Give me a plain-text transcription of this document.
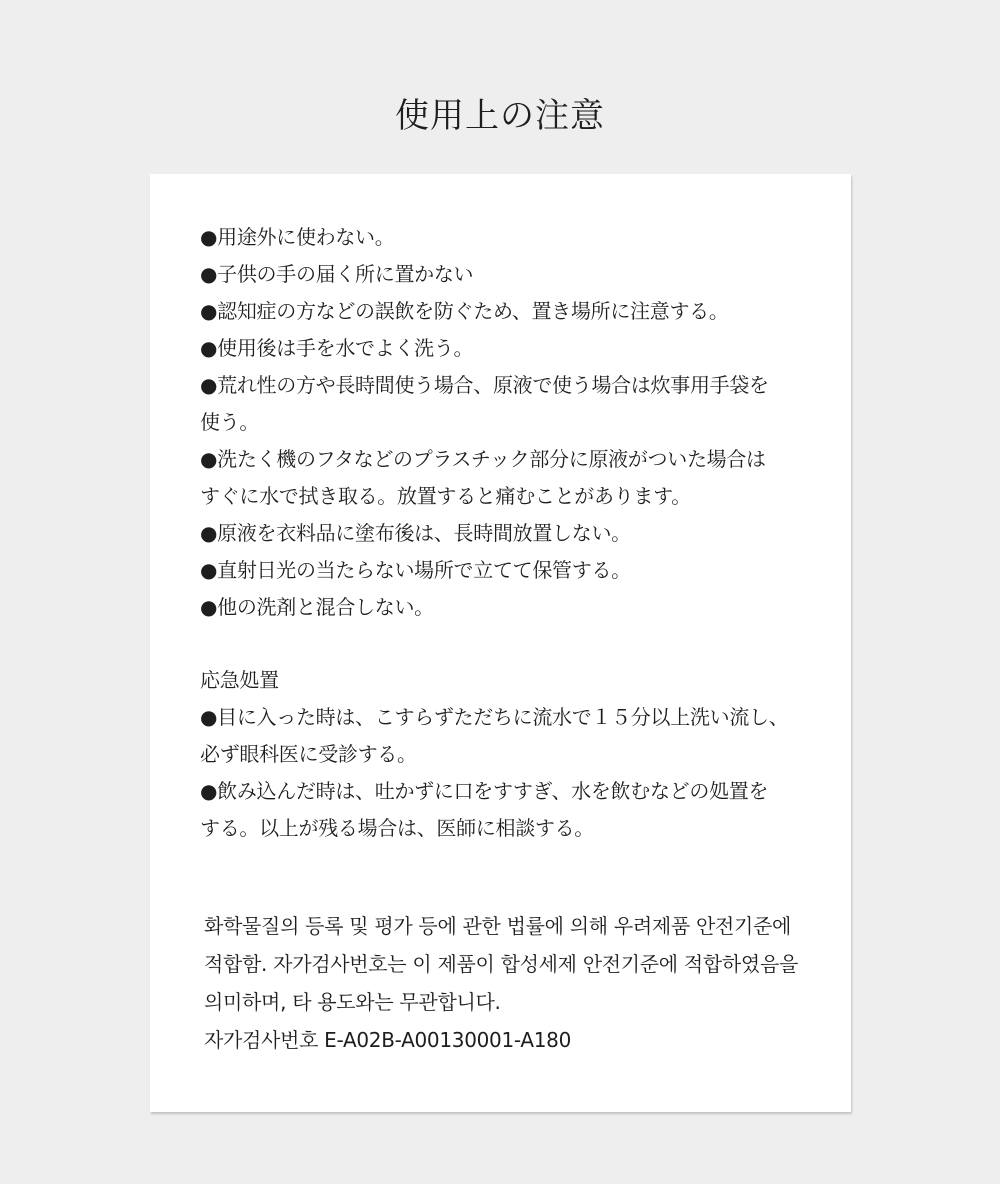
使用上の注意
●用途外に使わない。
●子供の手の届く所に置かない
●認知症の方などの誤飲を防ぐため、置き場所に注意する。
●使用後は手を水でよく洗う。
●荒れ性の方や長時間使う場合、原液で使う場合は炊事用手袋を
使う。
●洗たく機のフタなどのプラスチック部分に原液がついた場合は
すぐに水で拭き取る。放置すると痛むことがあります。
●原液を衣料品に塗布後は、長時間放置しない。
●直射日光の当たらない場所で立てて保管する。
●他の洗剤と混合しない。
応急処置
●目に入った時は、こすらずただちに流水で１５分以上洗い流し、
必ず眼科医に受診する。
●飲み込んだ時は、吐かずに口をすすぎ、水を飲むなどの処置を
する。以上が残る場合は、医師に相談する。
화학물질의 등록 및 평가 등에 관한 법률에 의해 우려제품 안전기준에
적합함. 자가검사번호는 이 제품이 합성세제 안전기준에 적합하였음을
의미하며, 타 용도와는 무관합니다.
자가검사번호 E-A02B-A00130001-A180
